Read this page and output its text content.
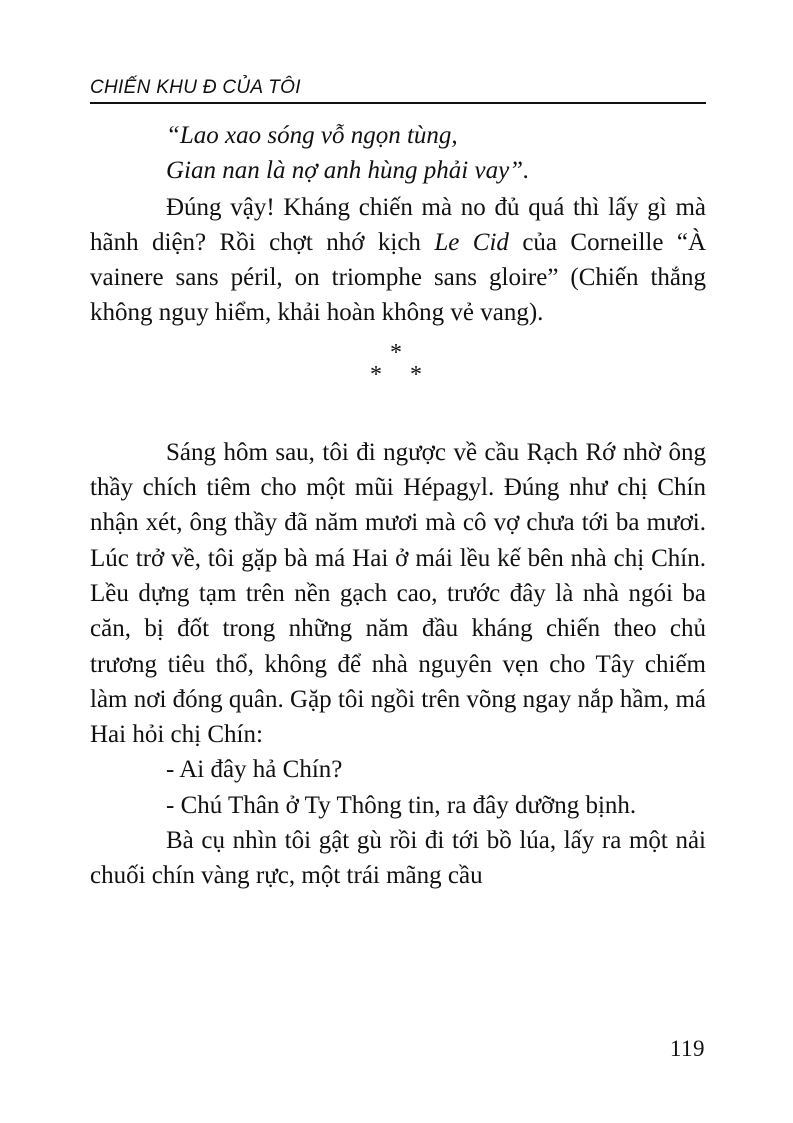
CHIẾN KHU Đ CỦA TÔI

“Lao xao sóng vỗ ngọn tùng,

Gian nan là nợ anh hùng phải vay”.

Đúng vậy! Kháng chiến mà no đủ quá thì lấy gì mà hãnh diện? Rồi chợt nhớ kịch Le Cid của Corneille “À vainere sans péril, on triomphe sans gloire” (Chiến thắng không nguy hiểm, khải hoàn không vẻ vang).

*
* *

Sáng hôm sau, tôi đi ngược về cầu Rạch Rớ nhờ ông thầy chích tiêm cho một mũi Hépagyl. Đúng như chị Chín nhận xét, ông thầy đã năm mươi mà cô vợ chưa tới ba mươi. Lúc trở về, tôi gặp bà má Hai ở mái lều kế bên nhà chị Chín. Lều dựng tạm trên nền gạch cao, trước đây là nhà ngói ba căn, bị đốt trong những năm đầu kháng chiến theo chủ trương tiêu thổ, không để nhà nguyên vẹn cho Tây chiếm làm nơi đóng quân. Gặp tôi ngồi trên võng ngay nắp hầm, má Hai hỏi chị Chín:

- Ai đây hả Chín?

- Chú Thân ở Ty Thông tin, ra đây dưỡng bịnh.

Bà cụ nhìn tôi gật gù rồi đi tới bồ lúa, lấy ra một nải chuối chín vàng rực, một trái mãng cầu

119
